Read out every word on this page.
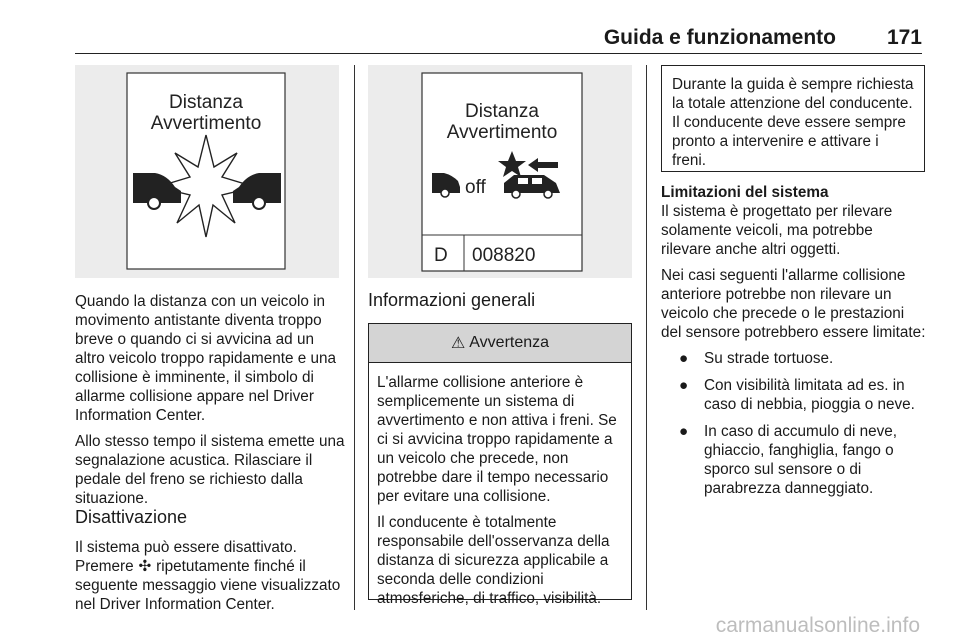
Guida e funzionamento 171
Distanza
Avvertimento
Distanza
Avvertimento
off
D 008820

Quando la distanza con un veicolo in movimento antistante diventa troppo breve o quando ci si avvicina ad un altro veicolo troppo rapidamente e una collisione è imminente, il simbolo di allarme collisione appare nel Driver Information Center.

Allo stesso tempo il sistema emette una segnalazione acustica. Rilasciare il pedale del freno se richiesto dalla situazione.

Disattivazione

Il sistema può essere disattivato. Premere ✣ ripetutamente finché il seguente messaggio viene visualizzato nel Driver Information Center.

Informazioni generali
⚠ Avvertenza

L'allarme collisione anteriore è semplicemente un sistema di avvertimento e non attiva i freni. Se ci si avvicina troppo rapidamente a un veicolo che precede, non potrebbe dare il tempo necessario per evitare una collisione.

Il conducente è totalmente responsabile dell'osservanza della distanza di sicurezza applicabile a seconda delle condizioni atmosferiche, di traffico, visibilità.

Durante la guida è sempre richiesta la totale attenzione del conducente. Il conducente deve essere sempre pronto a intervenire e attivare i freni.
Limitazioni del sistema

Il sistema è progettato per rilevare solamente veicoli, ma potrebbe rilevare anche altri oggetti.

Nei casi seguenti l'allarme collisione anteriore potrebbe non rilevare un veicolo che precede o le prestazioni del sensore potrebbero essere limitate:

● Su strade tortuose.
● Con visibilità limitata ad es. in caso di nebbia, pioggia o neve.
● In caso di accumulo di neve, ghiaccio, fanghiglia, fango o sporco sul sensore o di parabrezza danneggiato.
carmanualsonline.info
